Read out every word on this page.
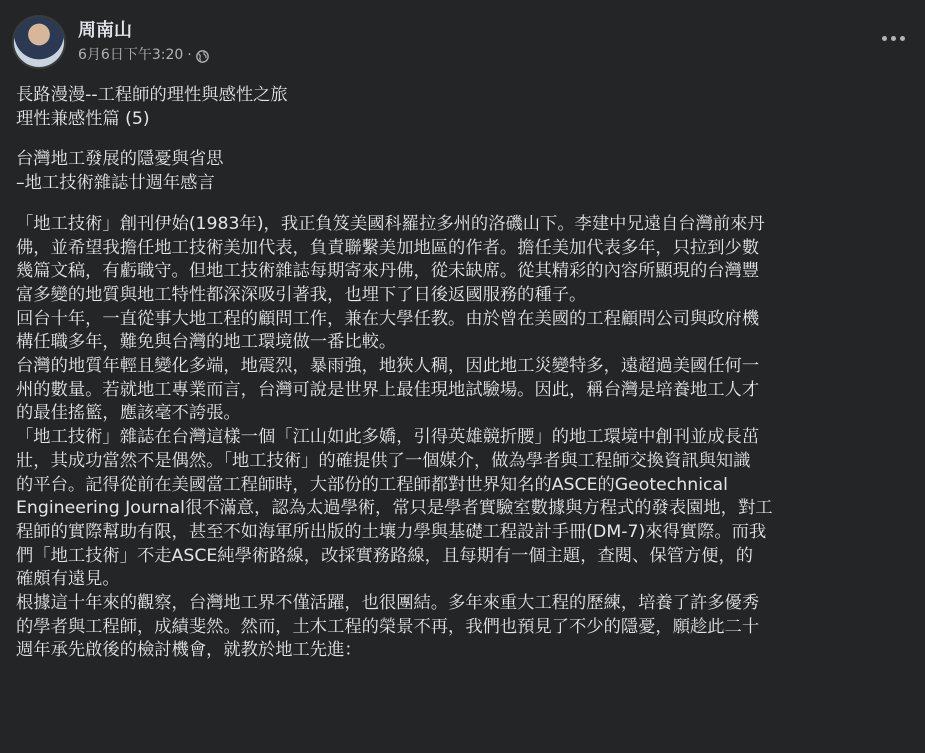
周南山
6月6日下午3:20 ·

長路漫漫--工程師的理性與感性之旅
理性兼感性篇 (5)

台灣地工發展的隱憂與省思
–地工技術雜誌廿週年感言

「地工技術」創刊伊始(1983年)，我正負笈美國科羅拉多州的洛磯山下。李建中兄遠自台灣前來丹
佛，並希望我擔任地工技術美加代表，負責聯繫美加地區的作者。擔任美加代表多年，只拉到少數
幾篇文稿，有虧職守。但地工技術雜誌每期寄來丹佛，從未缺席。從其精彩的內容所顯現的台灣豐
富多變的地質與地工特性都深深吸引著我，也埋下了日後返國服務的種子。

回台十年，一直從事大地工程的顧問工作，兼在大學任教。由於曾在美國的工程顧問公司與政府機
構任職多年，難免與台灣的地工環境做一番比較。

台灣的地質年輕且變化多端，地震烈，暴雨強，地狹人稠，因此地工災變特多，遠超過美國任何一
州的數量。若就地工專業而言，台灣可說是世界上最佳現地試驗場。因此，稱台灣是培養地工人才
的最佳搖籃，應該毫不誇張。

「地工技術」雜誌在台灣這樣一個「江山如此多嬌，引得英雄競折腰」的地工環境中創刊並成長茁
壯，其成功當然不是偶然。「地工技術」的確提供了一個媒介，做為學者與工程師交換資訊與知識
的平台。記得從前在美國當工程師時，大部份的工程師都對世界知名的ASCE的Geotechnical
Engineering Journal很不滿意，認為太過學術，常只是學者實驗室數據與方程式的發表園地，對工
程師的實際幫助有限，甚至不如海軍所出版的土壤力學與基礎工程設計手冊(DM-7)來得實際。而我
們「地工技術」不走ASCE純學術路線，改採實務路線，且每期有一個主題，查閱、保管方便，的
確頗有遠見。

根據這十年來的觀察，台灣地工界不僅活躍，也很團結。多年來重大工程的歷練，培養了許多優秀
的學者與工程師，成績斐然。然而，土木工程的榮景不再，我們也預見了不少的隱憂，願趁此二十
週年承先啟後的檢討機會，就教於地工先進：
